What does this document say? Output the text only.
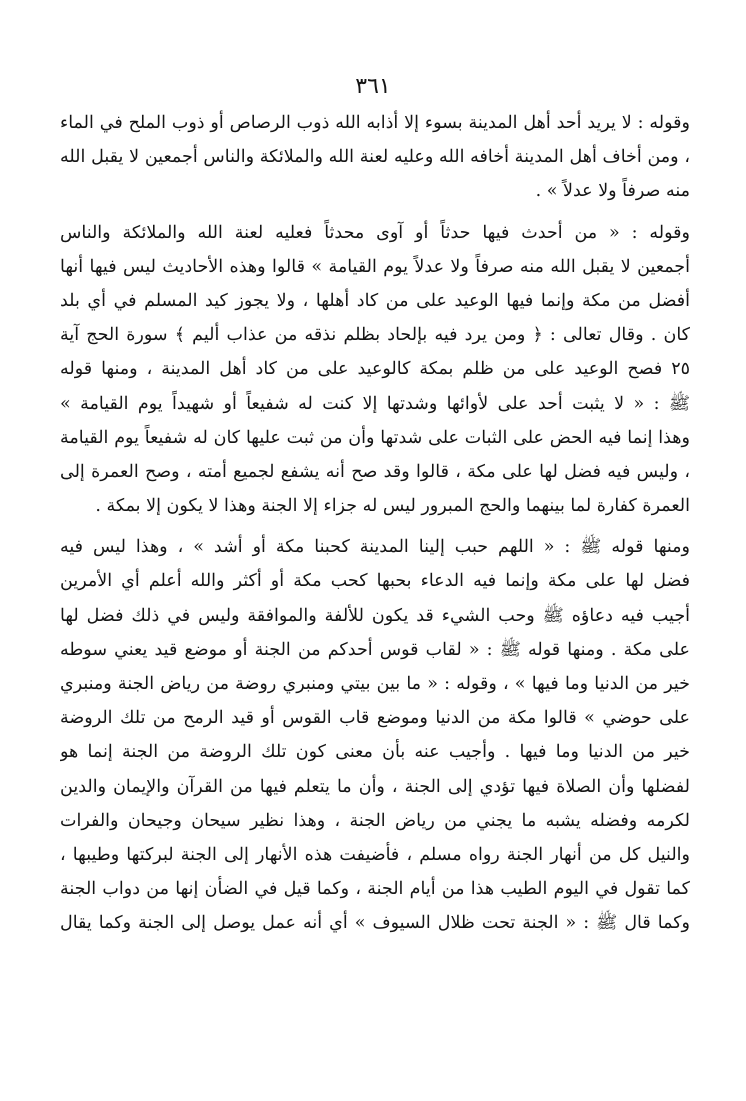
٣٦١
وقوله : لا يريد أحد أهل المدينة بسوء إلا أذابه الله ذوب الرصاص أو ذوب الملح في الماء
، ومن أخاف أهل المدينة أخافه الله وعليه لعنة الله والملائكة والناس أجمعين لا يقبل الله
منه صرفاً ولا عدلاً » .
وقوله : « من أحدث فيها حدثاً أو آوى محدثاً فعليه لعنة الله والملائكة والناس
أجمعين لا يقبل الله منه صرفاً ولا عدلاً يوم القيامة » قالوا وهذه الأحاديث ليس فيها أنها
أفضل من مكة وإنما فيها الوعيد على من كاد أهلها ، ولا يجوز كيد المسلم في أي بلد
كان . وقال تعالى : ﴿ ومن يرد فيه بإلحاد بظلم نذقه من عذاب أليم ﴾ سورة الحج آية
٢٥ فصح الوعيد على من ظلم بمكة كالوعيد على من كاد أهل المدينة ، ومنها قوله
ﷺ : « لا يثبت أحد على لأوائها وشدتها إلا كنت له شفيعاً أو شهيداً يوم القيامة »
وهذا إنما فيه الحض على الثبات على شدتها وأن من ثبت عليها كان له شفيعاً يوم القيامة
، وليس فيه فضل لها على مكة ، قالوا وقد صح أنه يشفع لجميع أمته ، وصح العمرة إلى
العمرة كفارة لما بينهما والحج المبرور ليس له جزاء إلا الجنة وهذا لا يكون إلا بمكة .
ومنها قوله ﷺ : « اللهم حبب إلينا المدينة كحبنا مكة أو أشد » ، وهذا ليس فيه
فضل لها على مكة وإنما فيه الدعاء بحبها كحب مكة أو أكثر والله أعلم أي الأمرين
أجيب فيه دعاؤه ﷺ وحب الشيء قد يكون للألفة والموافقة وليس في ذلك فضل لها
على مكة . ومنها قوله ﷺ : « لقاب قوس أحدكم من الجنة أو موضع قيد يعني سوطه
خير من الدنيا وما فيها » ، وقوله : « ما بين بيتي ومنبري روضة من رياض الجنة ومنبري
على حوضي » قالوا مكة من الدنيا وموضع قاب القوس أو قيد الرمح من تلك الروضة
خير من الدنيا وما فيها . وأجيب عنه بأن معنى كون تلك الروضة من الجنة إنما هو
لفضلها وأن الصلاة فيها تؤدي إلى الجنة ، وأن ما يتعلم فيها من القرآن والإيمان والدين
لكرمه وفضله يشبه ما يجني من رياض الجنة ، وهذا نظير سيحان وجيحان والفرات
والنيل كل من أنهار الجنة رواه مسلم ، فأضيفت هذه الأنهار إلى الجنة لبركتها وطيبها ،
كما تقول في اليوم الطيب هذا من أيام الجنة ، وكما قيل في الضأن إنها من دواب الجنة
وكما قال ﷺ : « الجنة تحت ظلال السيوف » أي أنه عمل يوصل إلى الجنة وكما يقال
